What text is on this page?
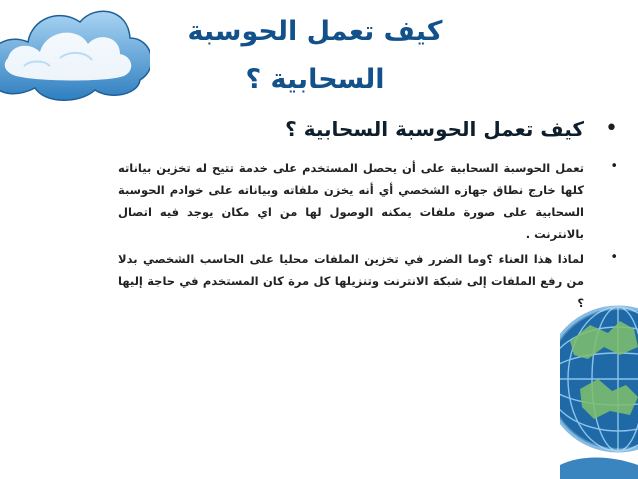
كيف تعمل الحوسبة السحابية ؟
•
كيف تعمل الحوسبة السحابية ؟
•
تعمل الحوسبة السحابية على أن يحصل المستخدم على خدمة تتيح له تخزين بياناته كلها خارج نطاق جهازه الشخصي أي أنه يخزن ملفاته وبياناته على خوادم الحوسبة السحابية على صورة ملفات يمكنه الوصول لها من اي مكان يوجد فيه اتصال بالانترنت .
•
لماذا هذا العناء ؟وما الضرر في تخزين الملفات محليا على الحاسب الشخصي بدلا من رفع الملفات إلى شبكة الانترنت وتنزيلها كل مرة كان المستخدم في حاجة إليها ؟
